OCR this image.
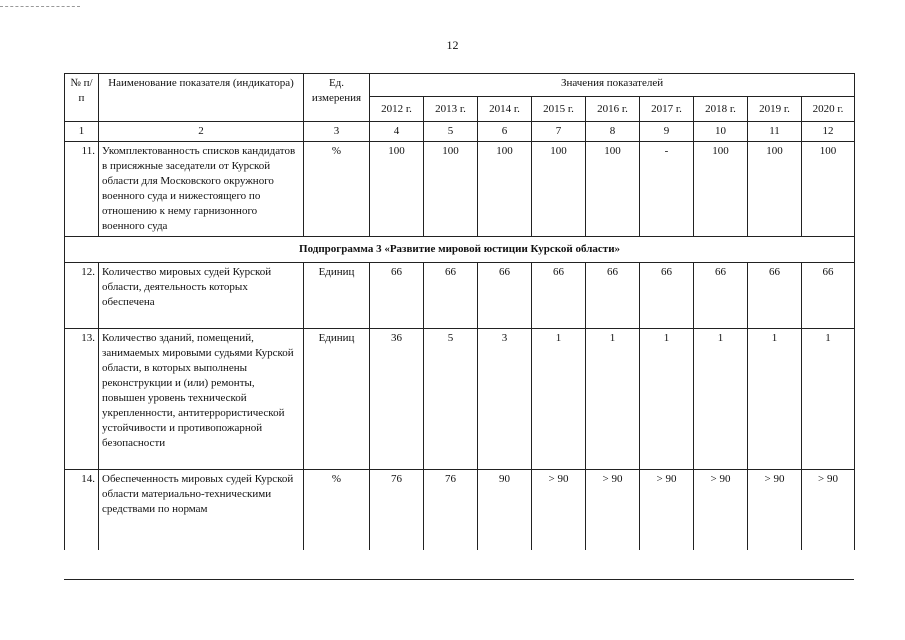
12
№ п/п	Наименование показателя (индикатора)	Ед. измерения	Значения показателей								
			2012 г.	2013 г.	2014 г.	2015 г.	2016 г.	2017 г.	2018 г.	2019 г.	2020 г.
1	2	3	4	5	6	7	8	9	10	11	12
11.	Укомплектованность списков кандидатов в присяжные заседатели от Курской области для Московского окружного военного суда и нижестоящего по отношению к нему гарнизонного военного суда	%	100	100	100	100	100	-	100	100	100
Подпрограмма 3 «Развитие мировой юстиции Курской области»											
12.	Количество мировых судей Курской области, деятельность которых обеспечена	Единиц	66	66	66	66	66	66	66	66	66
13.	Количество зданий, помещений, занимаемых мировыми судьями Курской области, в которых выполнены реконструкции и (или) ремонты, повышен уровень технической укрепленности, антитеррористической устойчивости и противопожарной безопасности	Единиц	36	5	3	1	1	1	1	1	1
14.	Обеспеченность мировых судей Курской области материально-техническими средствами по нормам	%	76	76	90	> 90	> 90	> 90	> 90	> 90	> 90
